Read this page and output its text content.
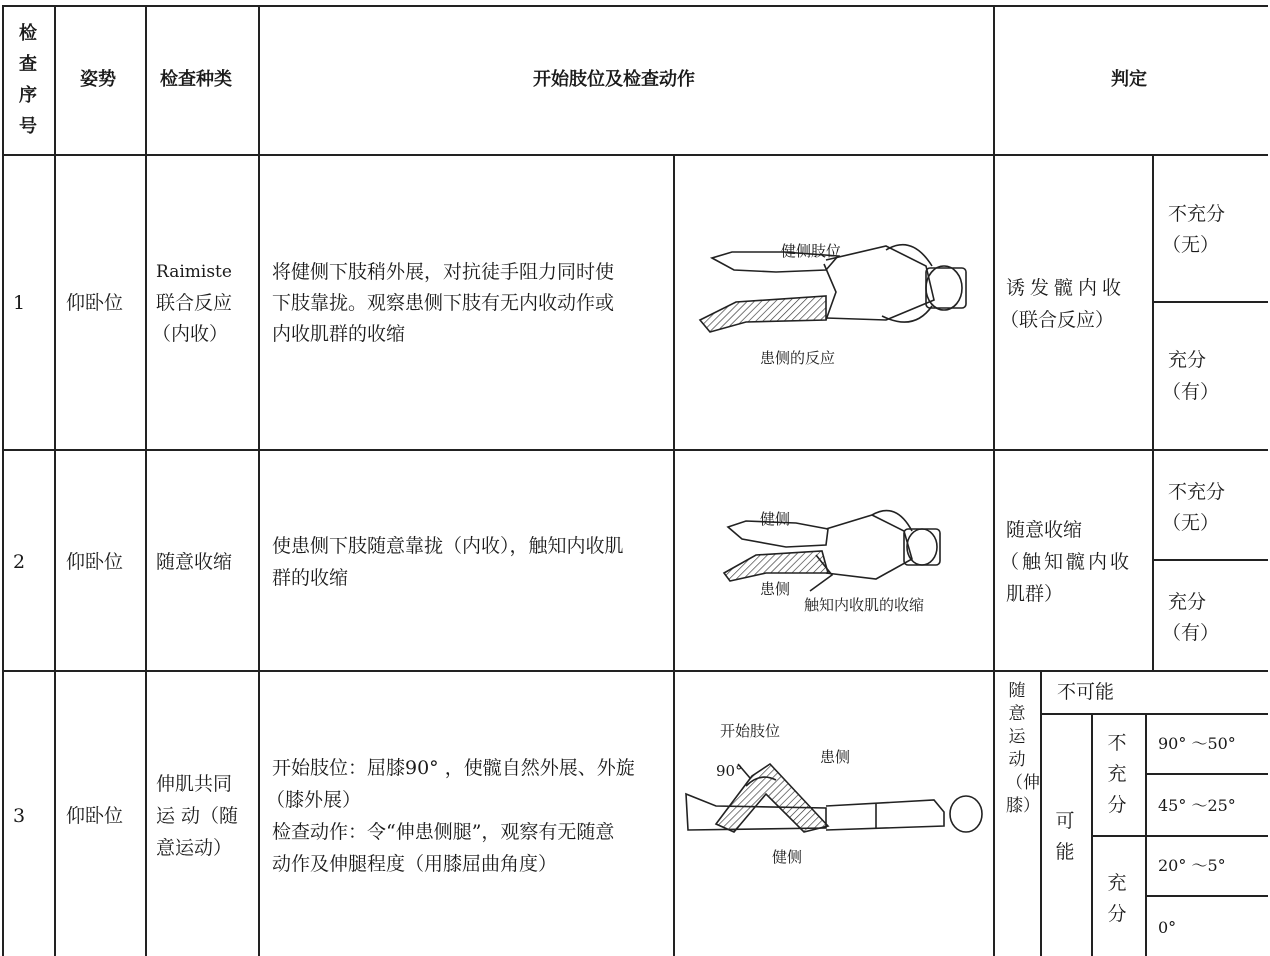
检查序号
姿势 检查种类	开始肢位及检查动作	判定
1 仰卧位
Raimiste
联合反应
（内收）
将健侧下肢稍外展，对抗徒手阻力同时使
下肢靠拢。观察患侧下肢有无内收动作或
内收肌群的收缩
健侧肢位
患侧的反应
诱发髋内收
（联合反应）
不充分
（无）
充分
（有）
2 仰卧位 随意收缩
使患侧下肢随意靠拢（内收），触知内收肌
群的收缩
健侧
患侧
触知内收肌的收缩
随意收缩
（触知髋内收
肌群）
不充分
（无）
充分
（有）
3 仰卧位
伸肌共同
运 动（随
意运动）
开始肢位：屈膝90° ，使髋自然外展、外旋
（膝外展）
检查动作：令“伸患侧腿”，观察有无随意
动作及伸腿程度（用膝屈曲角度）
开始肢位
90°
患侧
健侧
随意运动（伸膝）
不可能
可能
不充分
充分
90° ～50°
45° ～25°
20° ～5°
0°
